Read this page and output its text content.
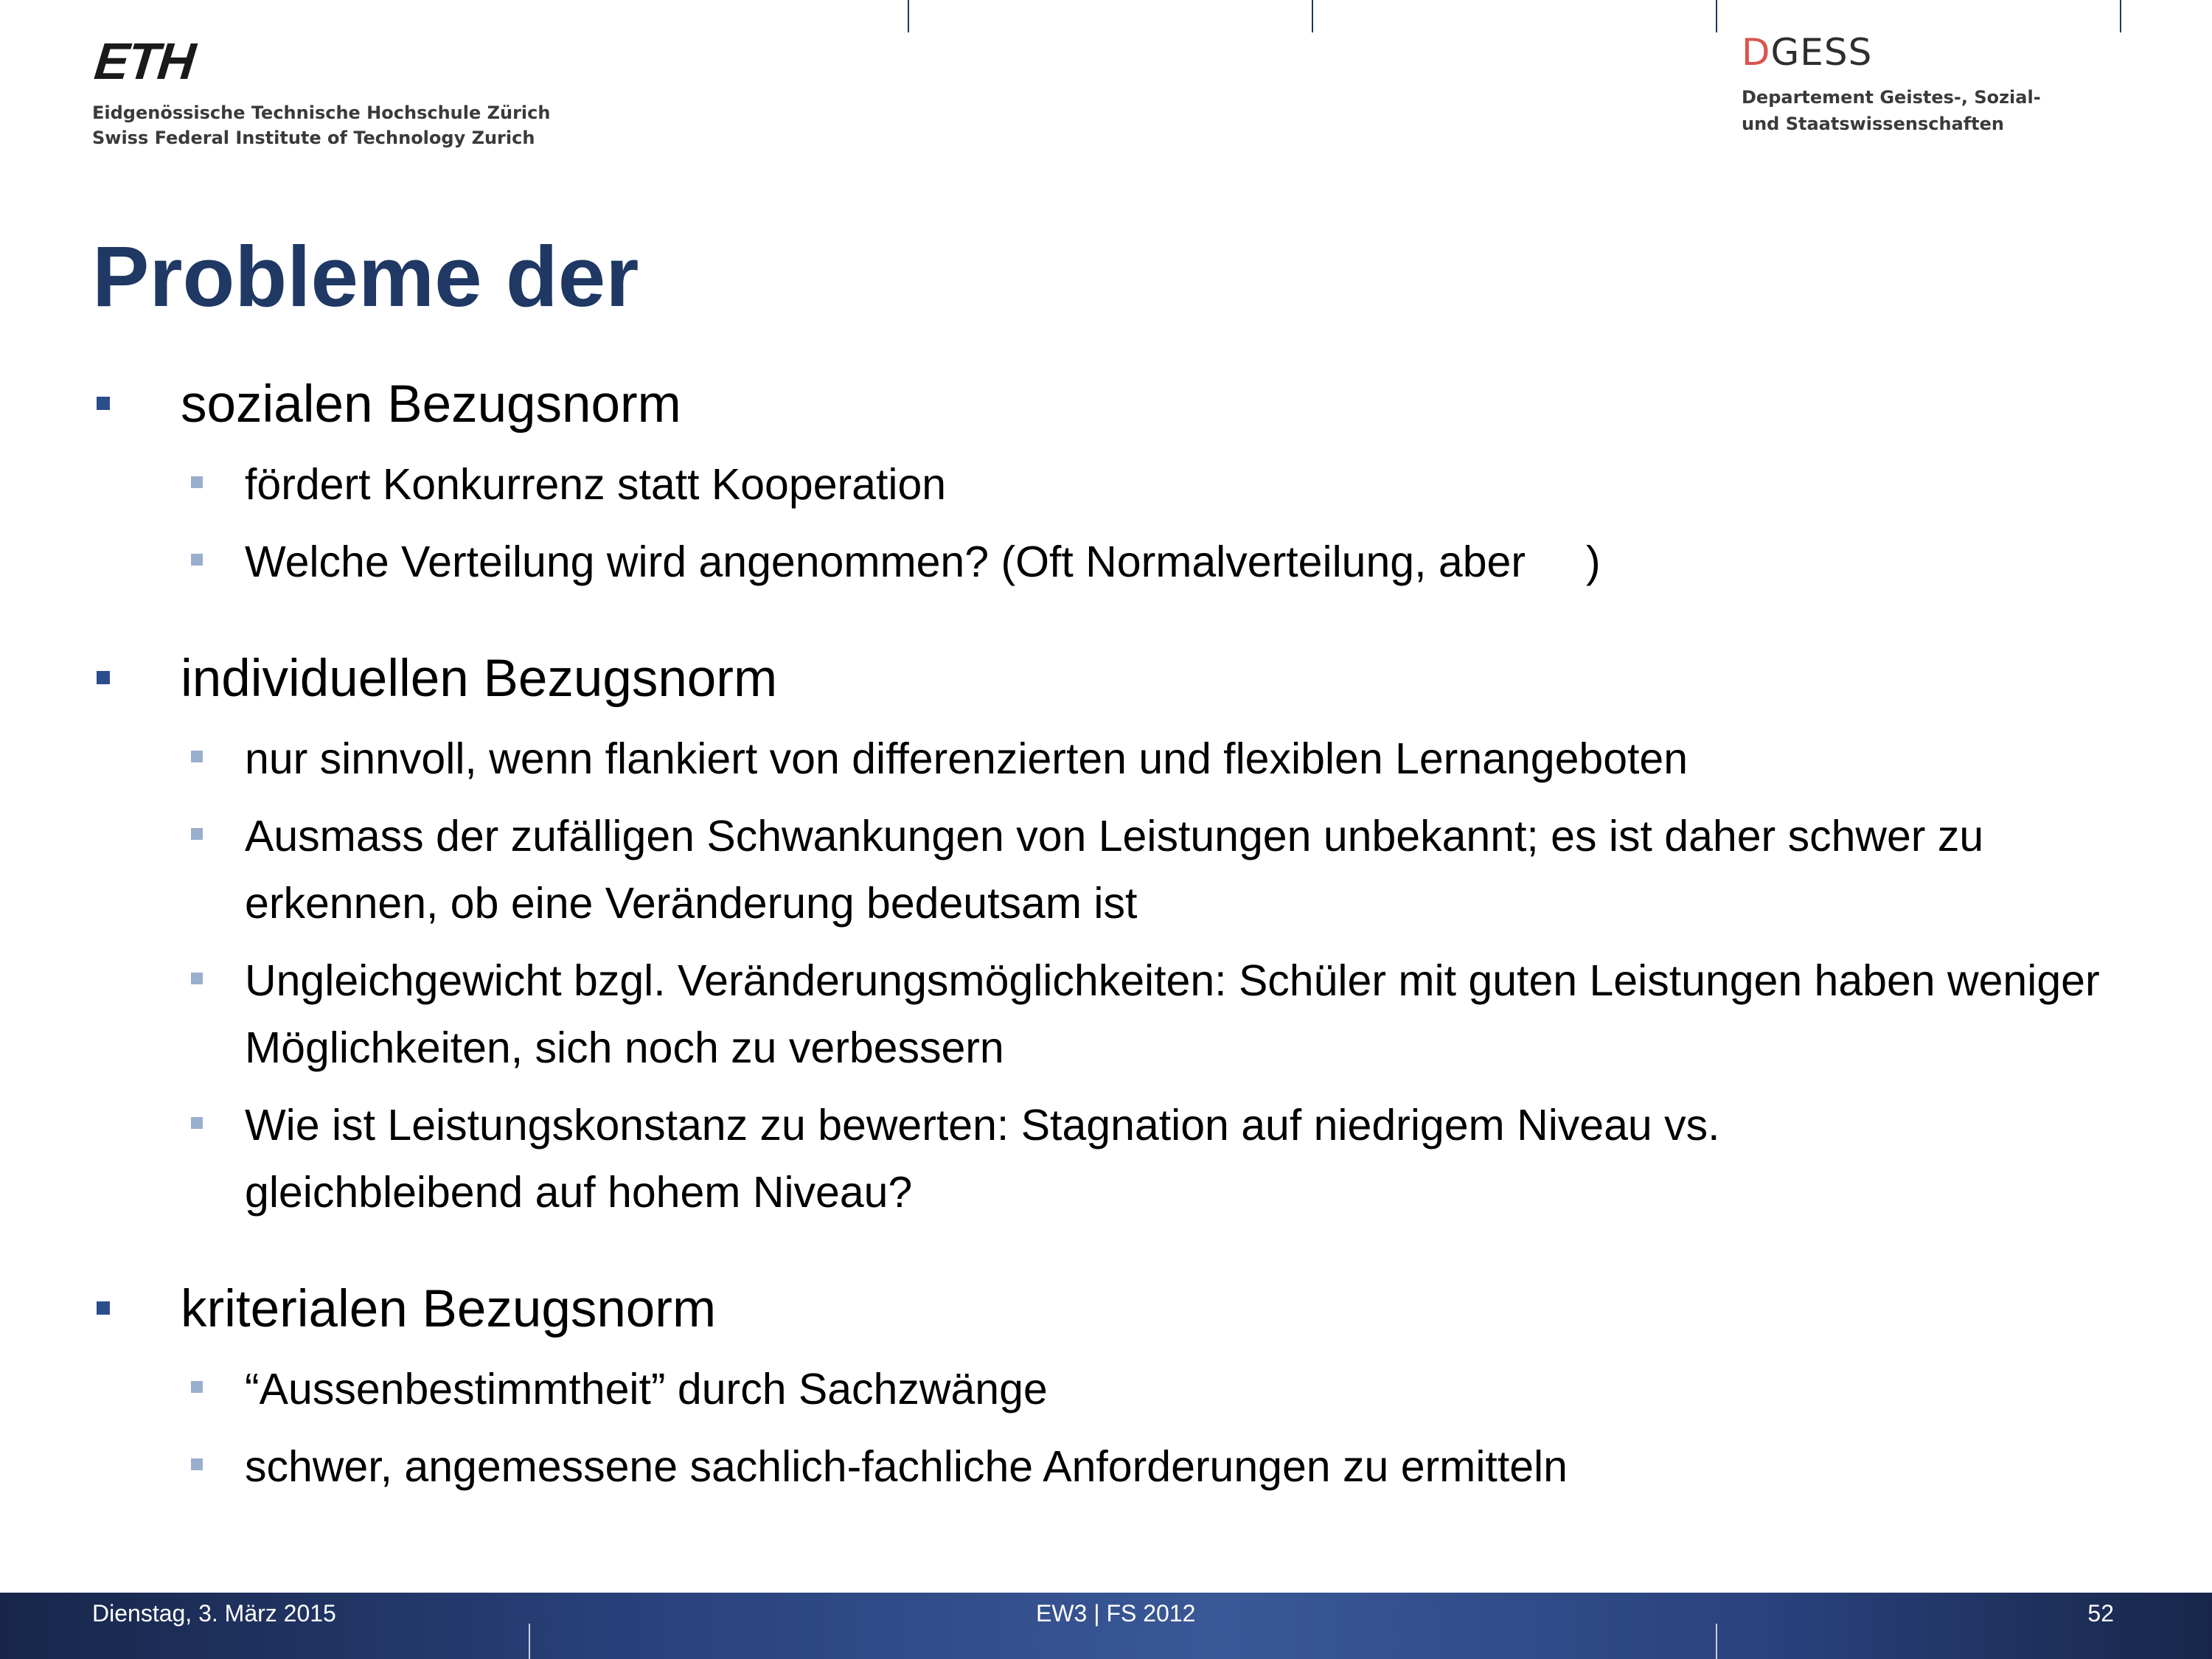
ETH
Eidgenössische Technische Hochschule Zürich
Swiss Federal Institute of Technology Zurich
DGESS
Departement Geistes-, Sozial-
und Staatswissenschaften
Probleme der
sozialen Bezugsnorm
fördert Konkurrenz statt Kooperation
Welche Verteilung wird angenommen? (Oft Normalverteilung, aber     )
individuellen Bezugsnorm
nur sinnvoll, wenn flankiert von differenzierten und flexiblen Lernangeboten
Ausmass der zufälligen Schwankungen von Leistungen unbekannt; es ist daher schwer zu erkennen, ob eine Veränderung bedeutsam ist
Ungleichgewicht bzgl. Veränderungsmöglichkeiten: Schüler mit guten Leistungen haben weniger Möglichkeiten, sich noch zu verbessern
Wie ist Leistungskonstanz zu bewerten: Stagnation auf niedrigem Niveau vs. gleichbleibend auf hohem Niveau?
kriterialen Bezugsnorm
“Aussenbestimmtheit” durch Sachzwänge
schwer, angemessene sachlich-fachliche Anforderungen zu ermitteln
Dienstag, 3. März 2015	EW3 | FS 2012	52
